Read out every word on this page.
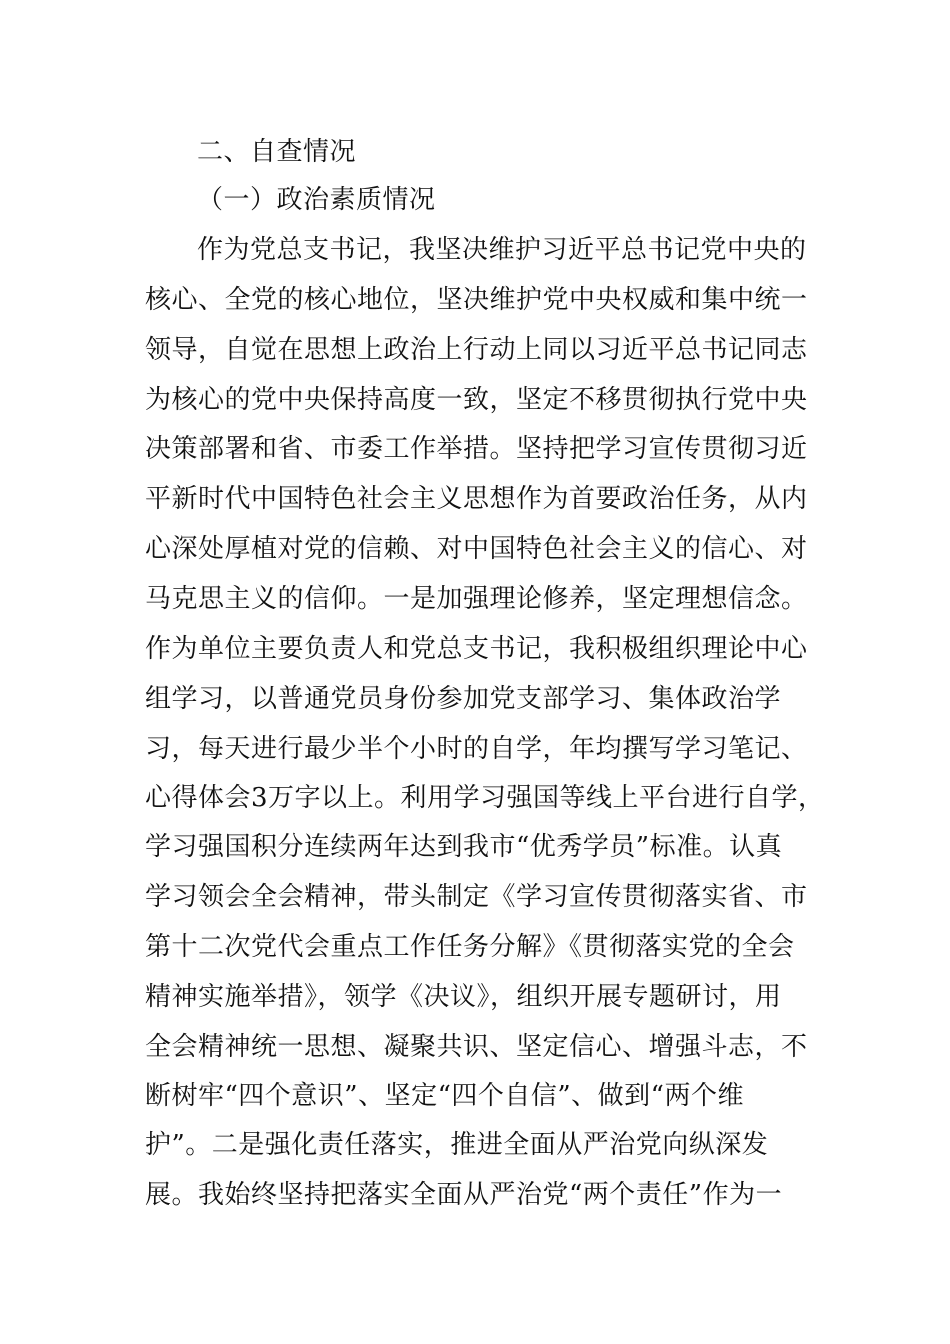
二、自查情况
（一）政治素质情况
作为党总支书记，我坚决维护习近平总书记党中央的
核心、全党的核心地位，坚决维护党中央权威和集中统一
领导，自觉在思想上政治上行动上同以习近平总书记同志
为核心的党中央保持高度一致，坚定不移贯彻执行党中央
决策部署和省、市委工作举措。坚持把学习宣传贯彻习近
平新时代中国特色社会主义思想作为首要政治任务，从内
心深处厚植对党的信赖、对中国特色社会主义的信心、对
马克思主义的信仰。一是加强理论修养，坚定理想信念。
作为单位主要负责人和党总支书记，我积极组织理论中心
组学习，以普通党员身份参加党支部学习、集体政治学
习，每天进行最少半个小时的自学，年均撰写学习笔记、
心得体会3万字以上。利用学习强国等线上平台进行自学，
学习强国积分连续两年达到我市“优秀学员”标准。认真
学习领会全会精神，带头制定《学习宣传贯彻落实省、市
第十二次党代会重点工作任务分解》《贯彻落实党的全会
精神实施举措》，领学《决议》，组织开展专题研讨，用
全会精神统一思想、凝聚共识、坚定信心、增强斗志，不
断树牢“四个意识”、坚定“四个自信”、做到“两个维
护”。二是强化责任落实，推进全面从严治党向纵深发
展。我始终坚持把落实全面从严治党“两个责任”作为一
